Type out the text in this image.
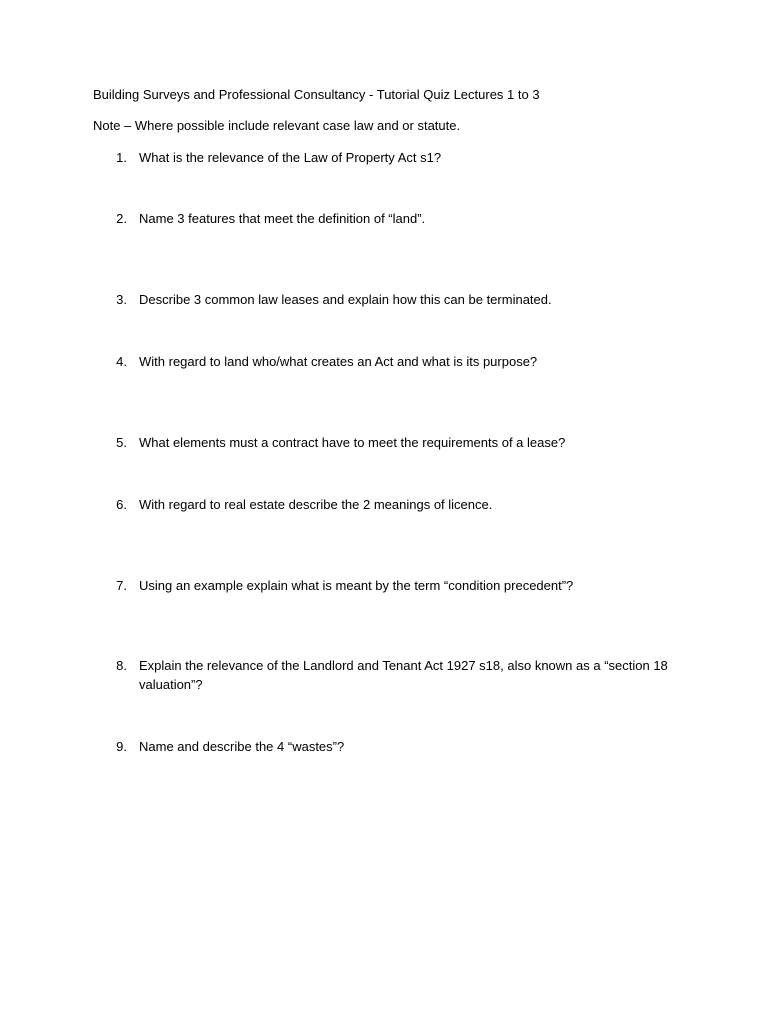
Building Surveys and Professional Consultancy - Tutorial Quiz Lectures 1 to 3
Note – Where possible include relevant case law and or statute.
1. What is the relevance of the Law of Property Act s1?
2. Name 3 features that meet the definition of “land”.
3. Describe 3 common law leases and explain how this can be terminated.
4. With regard to land who/what creates an Act and what is its purpose?
5. What elements must a contract have to meet the requirements of a lease?
6. With regard to real estate describe the 2 meanings of licence.
7. Using an example explain what is meant by the term “condition precedent”?
8. Explain the relevance of the Landlord and Tenant Act 1927 s18, also known as a “section 18 valuation”?
9. Name and describe the 4 “wastes”?
